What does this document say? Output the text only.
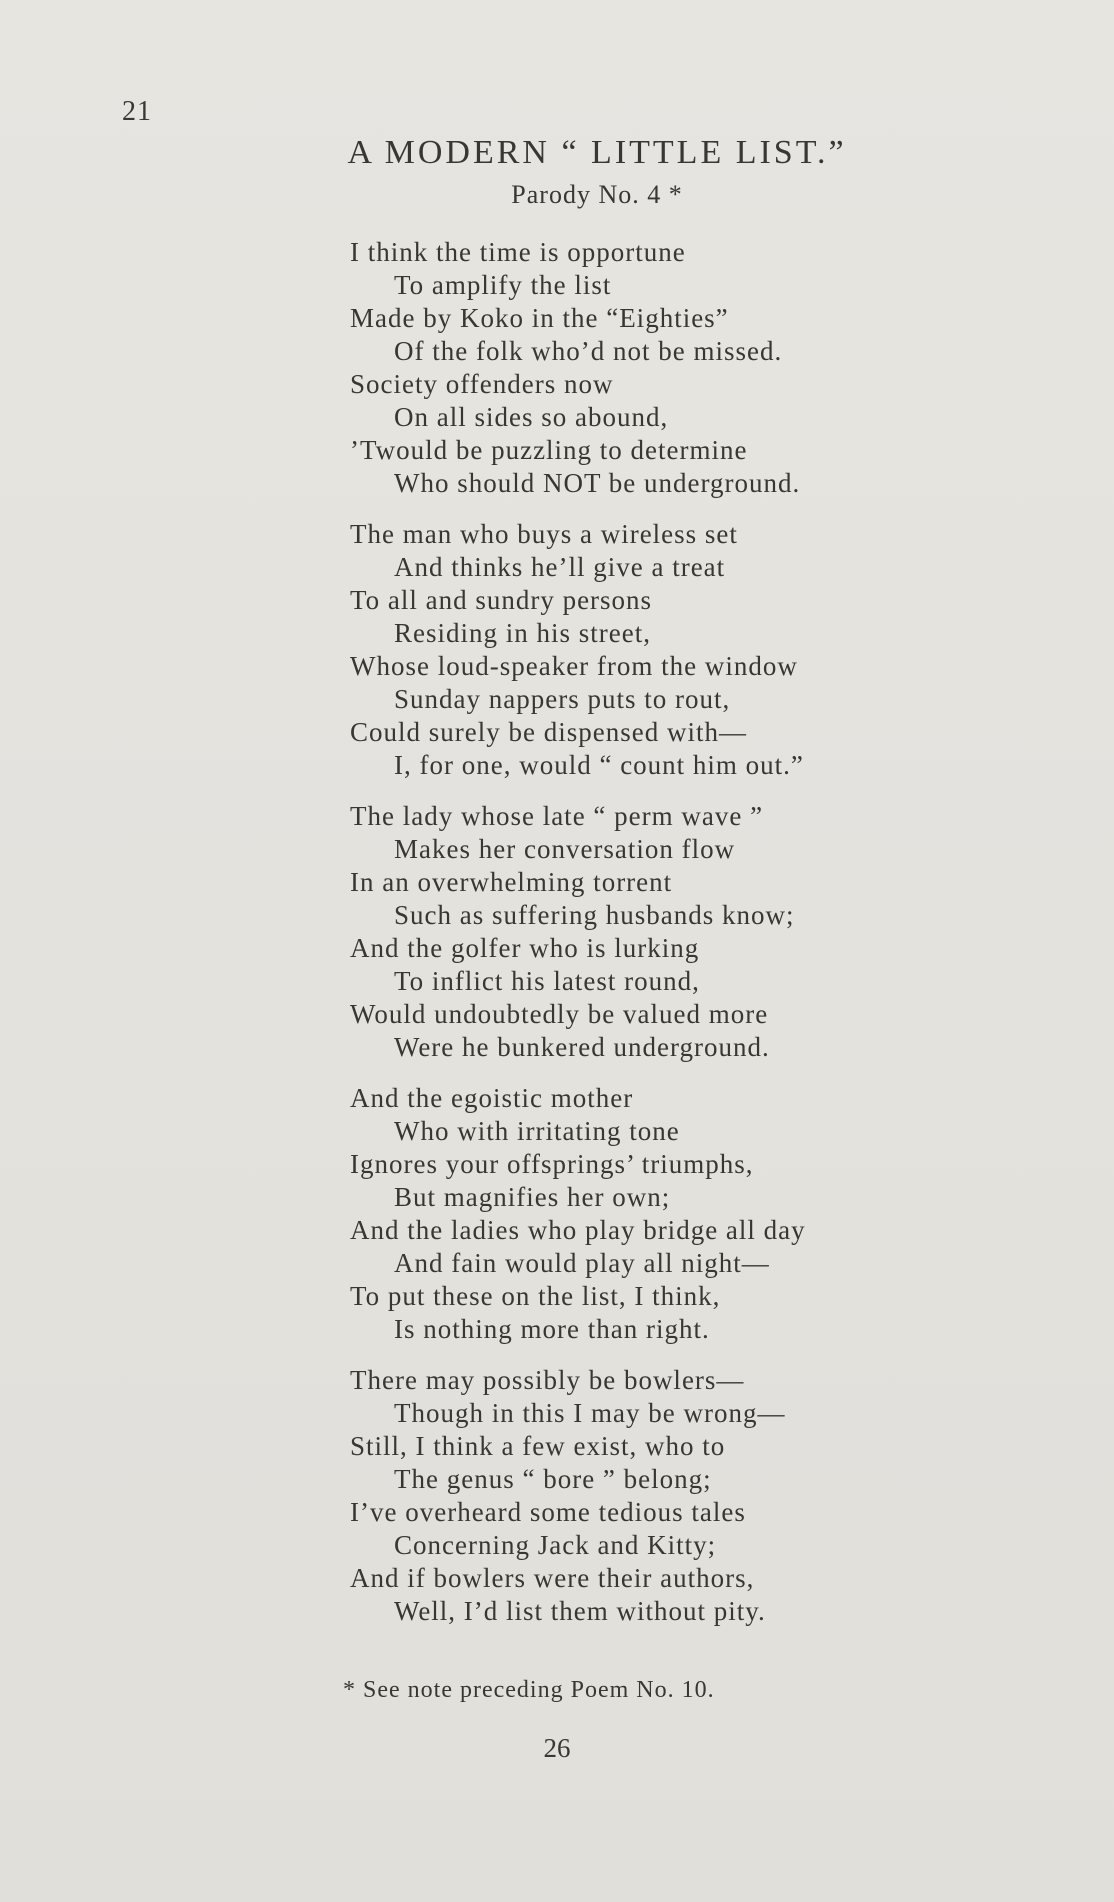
21
A MODERN “ LITTLE LIST.”
Parody No. 4 *
I think the time is opportune
To amplify the list
Made by Koko in the “Eighties”
Of the folk who’d not be missed.
Society offenders now
On all sides so abound,
’Twould be puzzling to determine
Who should NOT be underground.
The man who buys a wireless set
And thinks he’ll give a treat
To all and sundry persons
Residing in his street,
Whose loud-speaker from the window
Sunday nappers puts to rout,
Could surely be dispensed with—
I, for one, would “ count him out.”
The lady whose late “ perm wave ”
Makes her conversation flow
In an overwhelming torrent
Such as suffering husbands know;
And the golfer who is lurking
To inflict his latest round,
Would undoubtedly be valued more
Were he bunkered underground.
And the egoistic mother
Who with irritating tone
Ignores your offsprings’ triumphs,
But magnifies her own;
And the ladies who play bridge all day
And fain would play all night—
To put these on the list, I think,
Is nothing more than right.
There may possibly be bowlers—
Though in this I may be wrong—
Still, I think a few exist, who to
The genus “ bore ” belong;
I’ve overheard some tedious tales
Concerning Jack and Kitty;
And if bowlers were their authors,
Well, I’d list them without pity.
* See note preceding Poem No. 10.
26
